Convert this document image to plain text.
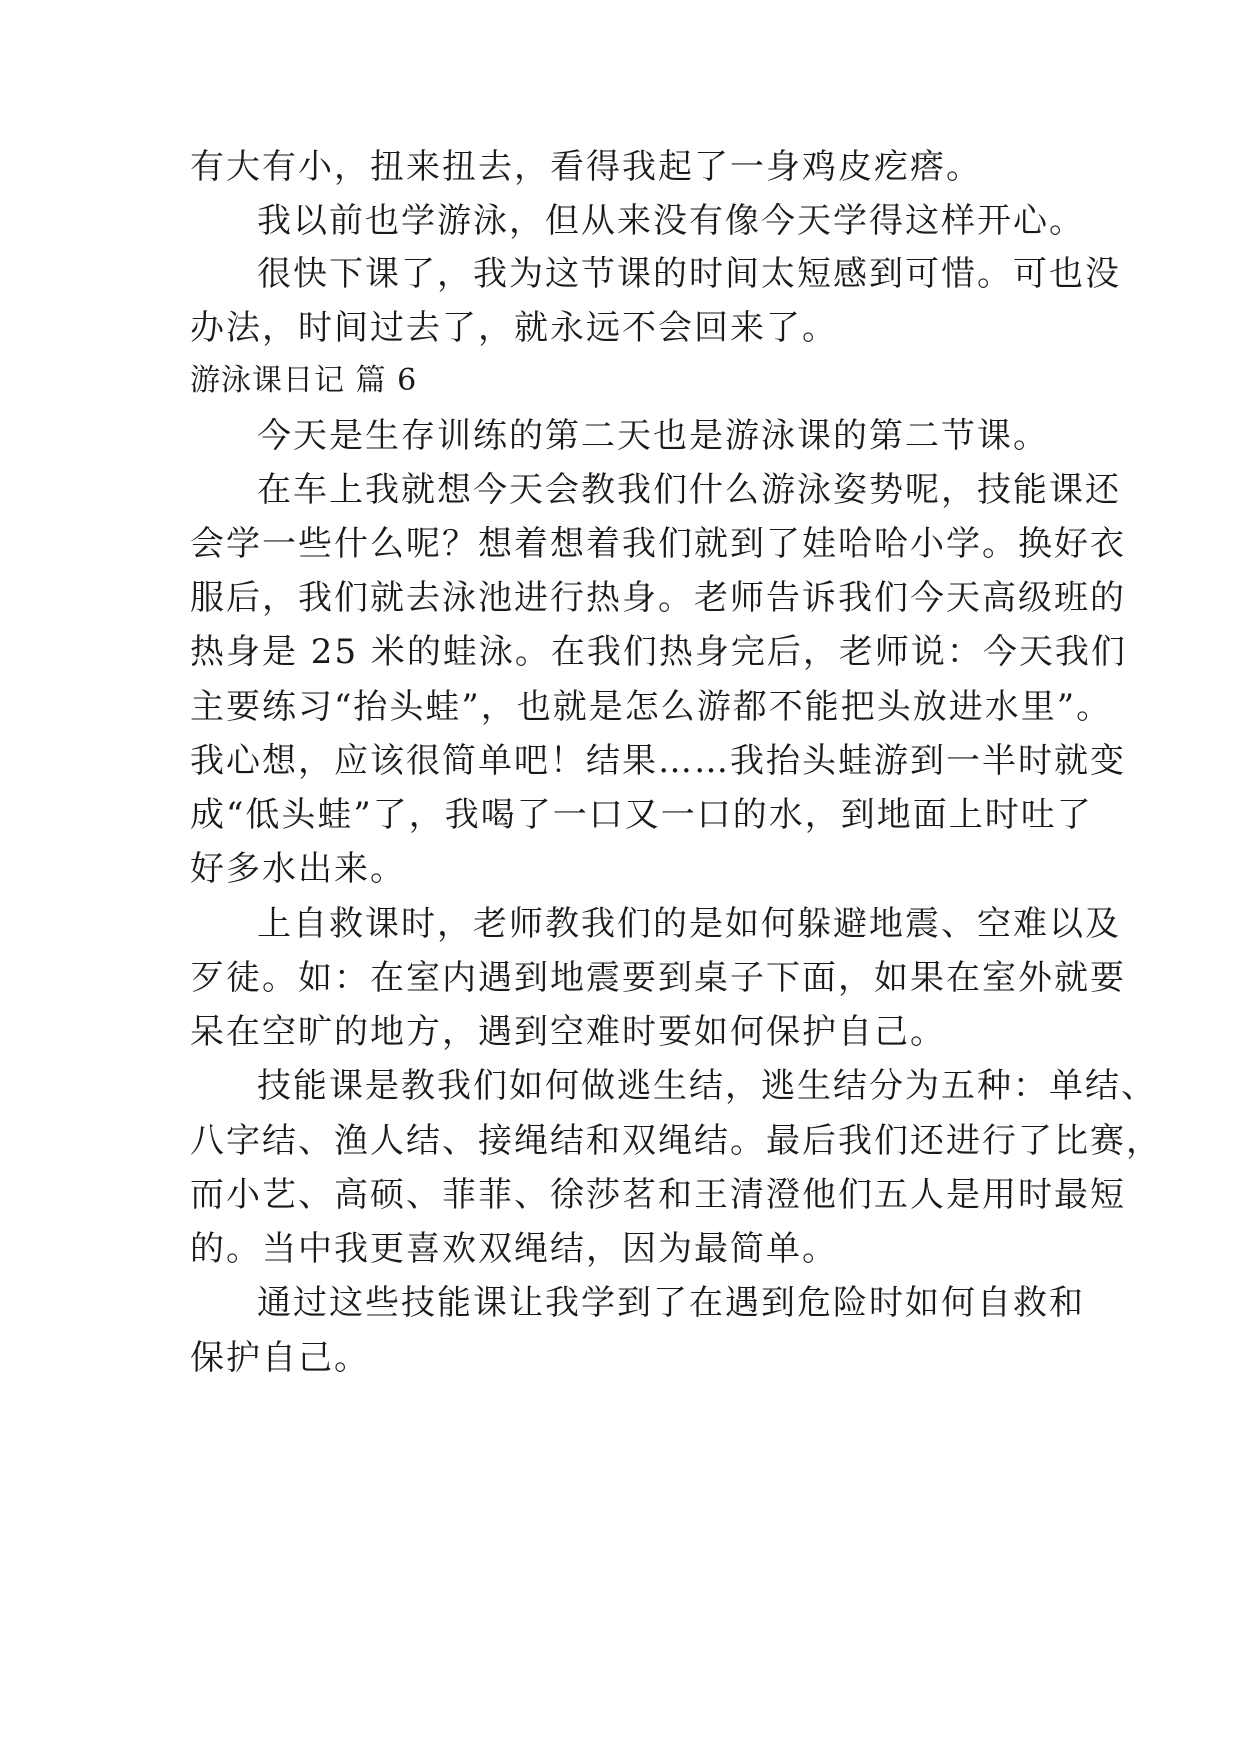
有大有小，扭来扭去，看得我起了一身鸡皮疙瘩。
我以前也学游泳，但从来没有像今天学得这样开心。
很快下课了，我为这节课的时间太短感到可惜。可也没
办法，时间过去了，就永远不会回来了。
游泳课日记 篇 6
今天是生存训练的第二天也是游泳课的第二节课。
在车上我就想今天会教我们什么游泳姿势呢，技能课还
会学一些什么呢？想着想着我们就到了娃哈哈小学。换好衣
服后，我们就去泳池进行热身。老师告诉我们今天高级班的
热身是 25 米的蛙泳。在我们热身完后，老师说：今天我们
主要练习“抬头蛙”，也就是怎么游都不能把头放进水里”。
我心想，应该很简单吧！结果……我抬头蛙游到一半时就变
成“低头蛙”了，我喝了一口又一口的水，到地面上时吐了
好多水出来。
上自救课时，老师教我们的是如何躲避地震、空难以及
歹徒。如：在室内遇到地震要到桌子下面，如果在室外就要
呆在空旷的地方，遇到空难时要如何保护自己。
技能课是教我们如何做逃生结，逃生结分为五种：单结、
八字结、渔人结、接绳结和双绳结。最后我们还进行了比赛，
而小艺、高硕、菲菲、徐莎茗和王清澄他们五人是用时最短
的。当中我更喜欢双绳结，因为最简单。
通过这些技能课让我学到了在遇到危险时如何自救和
保护自己。
